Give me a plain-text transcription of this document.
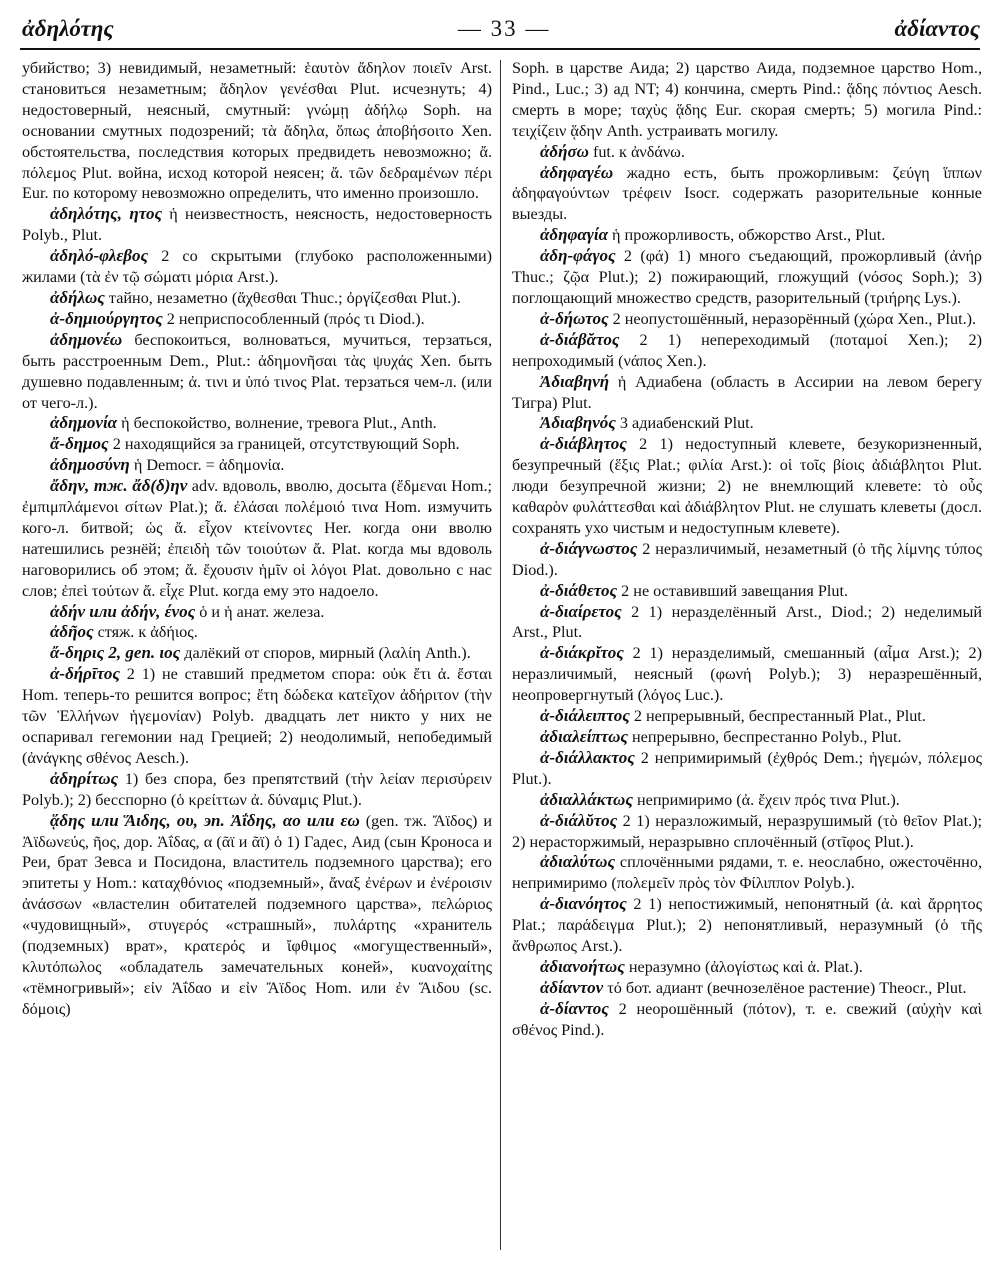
ἀδηλότης	— 33 —	ἀδίαντος

убийство; 3) невидимый, незаметный: ἑαυτὸν ἄδηλον ποιεῖν Arst. становиться незаметным; ἄδηλον γενέσθαι Plut. исчезнуть; 4) недостоверный, неясный, смутный: γνώμῃ ἀδήλῳ Soph. на основании смутных подозрений; τὰ ἄδηλα, ὅπως ἀποβήσοιτο Xen. обстоятельства, последствия которых предвидеть невозможно; ἄ. πόλεμος Plut. война, исход которой неясен; ἄ. τῶν δεδραμένων πέρι Eur. по которому невозможно определить, что именно произошло.

ἀδηλότης, ητος ἡ неизвестность, неясность, недостоверность Polyb., Plut.

ἀδηλό-φλεβος 2 со скрытыми (глубоко расположенными) жилами (τὰ ἐν τῷ σώματι μόρια Arst.).

ἀδήλως тайно, незаметно (ἄχθεσθαι Thuc.; ὀργίζεσθαι Plut.).

ἀ-δημιούργητος 2 неприспособленный (πρός τι Diod.).

ἀδημονέω беспокоиться, волноваться, мучиться, терзаться, быть расстроенным Dem., Plut.: ἀδημονῆσαι τὰς ψυχάς Xen. быть душевно подавленным; ἀ. τινι и ὑπό τινος Plat. терзаться чем-л. (или от чего-л.).

ἀδημονία ἡ беспокойство, волнение, тревога Plut., Anth.

ἄ-δημος 2 находящийся за границей, отсутствующий Soph.

ἀδημοσύνη ἡ Democr. = ἀδημονία.

ἄδην, тж. ἄδ(δ)ην adv. вдоволь, вволю, досыта (ἔδμεναι Hom.; ἐμπιμπλάμενοι σίτων Plat.); ἄ. ἐλάσαι πολέμοιό τινα Hom. измучить кого-л. битвой; ὡς ἄ. εἶχον κτείνοντες Her. когда они вволю натешились резнёй; ἐπειδὴ τῶν τοιούτων ἄ. Plat. когда мы вдоволь наговорились об этом; ἄ. ἔχουσιν ἡμῖν οἱ λόγοι Plat. довольно с нас слов; ἐπεὶ τούτων ἄ. εἶχε Plut. когда ему это надоело.

ἀδήν или ἀδήν, ένος ὁ и ἡ анат. железа.

ἀδῆος стяж. к ἀδήιος.

ἄ-δηρις 2, gen. ιος далёкий от споров, мирный (λαλίη Anth.).

ἀ-δήρῑτος 2 1) не ставший предметом спора: οὐκ ἔτι ἀ. ἔσται Hom. теперь-то решится вопрос; ἔτη δώδεκα κατεῖχον ἀδήριτον (τὴν τῶν Ἑλλήνων ἡγεμονίαν) Polyb. двадцать лет никто у них не оспаривал гегемонии над Грецией; 2) неодолимый, непобедимый (ἀνάγκης σθένος Aesch.).

ἀδηρίτως 1) без спора, без препятствий (τὴν λείαν περισύρειν Polyb.); 2) бесспорно (ὁ κρείττων ἀ. δύναμις Plut.).

ᾅδης или Ἅιδης, ου, эп. Ἀΐδης, αο или εω (gen. тж. Ἄϊδος) и Ἀϊδωνεύς, ῆος, дор. Ἀΐδας, α (ᾶϊ и ᾶϊ) ὁ 1) Гадес, Аид (сын Кроноса и Реи, брат Зевса и Посидона, властитель подземного царства); его эпитеты у Hom.: καταχθόνιος «подземный», ἄναξ ἐνέρων и ἐνέροισιν ἀνάσσων «властелин обитателей подземного царства», πελώριος «чудовищный», στυγερός «страшный», πυλάρτης «хранитель (подземных) врат», κρατερός и ἴφθιμος «могущественный», κλυτόπωλος «обладатель замечательных коней», κυανοχαίτης «тёмногривый»; εἰν Ἀΐδαο и εἰν Ἄϊδος Hom. или ἐν Ἅιδου (sc. δόμοις)

Soph. в царстве Аида; 2) царство Аида, подземное царство Hom., Pind., Luc.; 3) ад NT; 4) кончина, смерть Pind.: ᾅδης πόντιος Aesch. смерть в море; ταχὺς ᾅδης Eur. скорая смерть; 5) могила Pind.: τειχίζειν ᾅδην Anth. устраивать могилу.

ἀδήσω fut. к ἀνδάνω.

ἀδηφαγέω жадно есть, быть прожорливым: ζεύγη ἵππων ἀδηφαγούντων τρέφειν Isocr. содержать разорительные конные выезды.

ἀδηφαγία ἡ прожорливость, обжорство Arst., Plut.

ἀδη-φάγος 2 (φά) 1) много съедающий, прожорливый (ἀνήρ Thuc.; ζῷα Plut.); 2) пожирающий, гложущий (νόσος Soph.); 3) поглощающий множество средств, разорительный (τριήρης Lys.).

ἀ-δήωτος 2 неопустошённый, неразорённый (χώρα Xen., Plut.).

ἀ-διάβᾰτος 2 1) непереходимый (ποταμοί Xen.); 2) непроходимый (νάπος Xen.).

Ἀδιαβηνή ἡ Адиабена (область в Ассирии на левом берегу Тигра) Plut.

Ἀδιαβηνός 3 адиабенский Plut.

ἀ-διάβλητος 2 1) недоступный клевете, безукоризненный, безупречный (ἕξις Plat.; φιλία Arst.): οἱ τοῖς βίοις ἀδιάβλητοι Plut. люди безупречной жизни; 2) не внемлющий клевете: τὸ οὖς καθαρὸν φυλάττεσθαι καὶ ἀδιάβλητον Plut. не слушать клеветы (досл. сохранять ухо чистым и недоступным клевете).

ἀ-διάγνωστος 2 неразличимый, незаметный (ὁ τῆς λίμνης τύπος Diod.).

ἀ-διάθετος 2 не оставивший завещания Plut.

ἀ-διαίρετος 2 1) неразделённый Arst., Diod.; 2) неделимый Arst., Plut.

ἀ-διάκρῐτος 2 1) неразделимый, смешанный (αἷμα Arst.); 2) неразличимый, неясный (φωνή Polyb.); 3) неразрешённый, неопровергнутый (λόγος Luc.).

ἀ-διάλειπτος 2 непрерывный, беспрестанный Plat., Plut.

ἀδιαλείπτως непрерывно, беспрестанно Polyb., Plut.

ἀ-διάλλακτος 2 непримиримый (ἐχθρός Dem.; ἡγεμών, πόλεμος Plut.).

ἀδιαλλάκτως непримиримо (ἀ. ἔχειν πρός τινα Plut.).

ἀ-διάλῠτος 2 1) неразложимый, неразрушимый (τὸ θεῖον Plat.); 2) нерасторжимый, неразрывно сплочённый (στῖφος Plut.).

ἀδιαλύτως сплочёнными рядами, т. е. неослабно, ожесточённо, непримиримо (πολεμεῖν πρὸς τὸν Φίλιππον Polyb.).

ἀ-διανόητος 2 1) непостижимый, непонятный (ἀ. καὶ ἄρρητος Plat.; παράδειγμα Plut.); 2) непонятливый, неразумный (ὁ τῆς ἄνθρωπος Arst.).

ἀδιανοήτως неразумно (ἀλογίστως καὶ ἀ. Plat.).

ἀδίαντον τό бот. адиант (вечнозелёное растение) Theocr., Plut.

ἀ-δίαντος 2 неорошённый (πότον), т. е. свежий (αὐχὴν καὶ σθένος Pind.).
